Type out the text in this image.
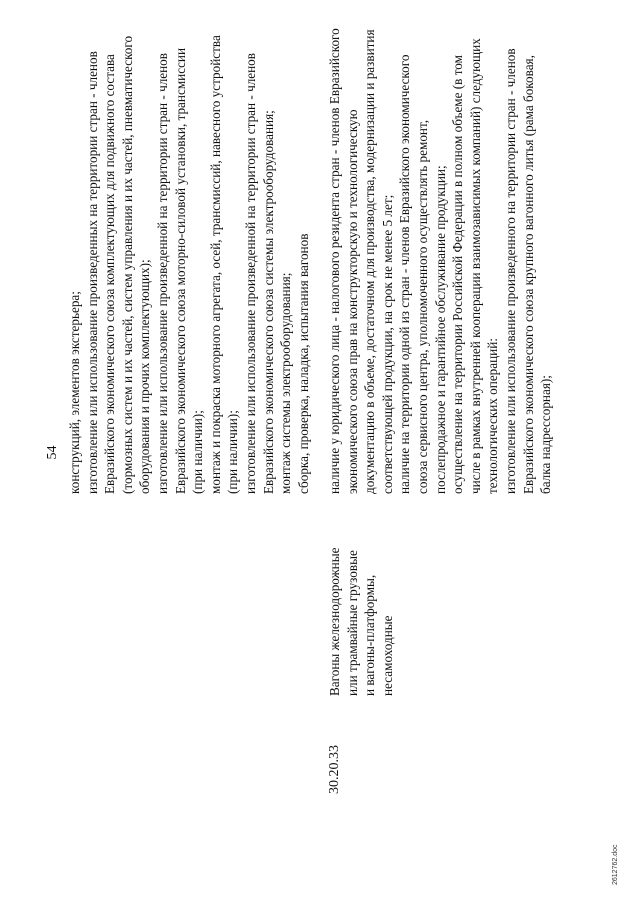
54 конструкций, элементов экстерьера; изготовление или использование произведенных на территории стран - членов Евразийского экономического союза комплектующих для подвижного состава (тормозных систем и их частей, систем управления и их частей, пневматического оборудования и прочих комплектующих); изготовление или использование произведенной на территории стран - членов Евразийского экономического союза моторно-силовой установки, трансмиссии (при наличии); монтаж и покраска моторного агрегата, осей, трансмиссий, навесного устройства (при наличии); изготовление или использование произведенной на территории стран - членов Евразийского экономического союза системы электрооборудования; монтаж системы электрооборудования; сборка, проверка, наладка, испытания вагонов
30.20.33
Вагоны железнодорожные или трамвайные грузовые и вагоны-платформы, несамоходные
наличие у юридического лица - налогового резидента стран - членов Евразийского экономического союза прав на конструкторскую и технологическую документацию в объеме, достаточном для производства, модернизации и развития соответствующей продукции, на срок не менее 5 лет; наличие на территории одной из стран - членов Евразийского экономического союза сервисного центра, уполномоченного осуществлять ремонт, послепродажное и гарантийное обслуживание продукции; осуществление на территории Российской Федерации в полном объеме (в том числе в рамках внутренней кооперации взаимозависимых компаний) следующих технологических операций: изготовление или использование произведенного на территории стран - членов Евразийского экономического союза крупного вагонного литья (рама боковая, балка надрессорная);
2612762.doc
